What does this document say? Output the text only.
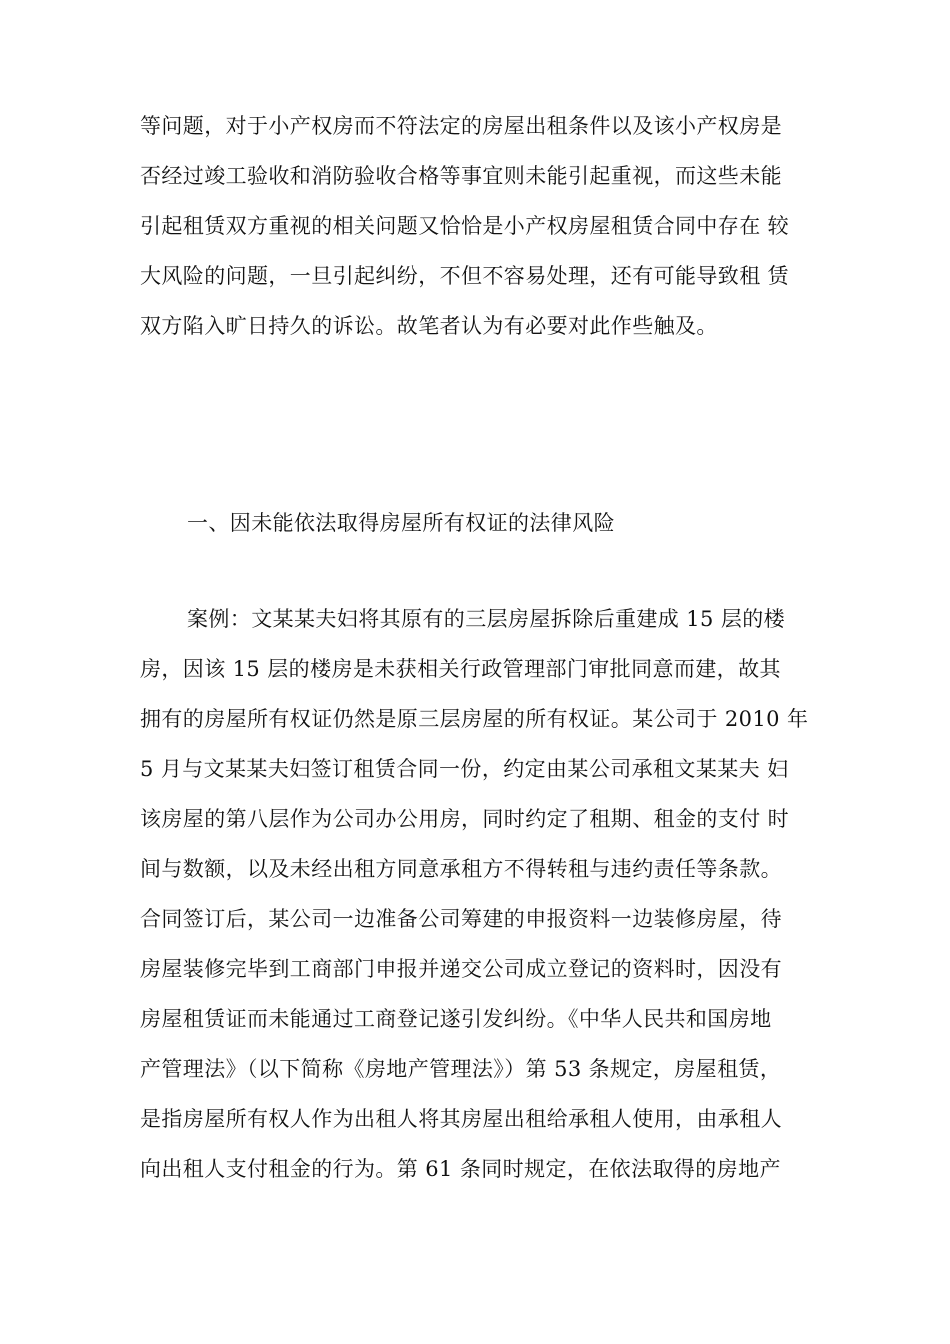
等问题，对于小产权房而不符法定的房屋出租条件以及该小产权房是
否经过竣工验收和消防验收合格等事宜则未能引起重视，而这些未能
引起租赁双方重视的相关问题又恰恰是小产权房屋租赁合同中存在 较
大风险的问题，一旦引起纠纷，不但不容易处理，还有可能导致租 赁
双方陷入旷日持久的诉讼。故笔者认为有必要对此作些触及。
一、因未能依法取得房屋所有权证的法律风险
案例：文某某夫妇将其原有的三层房屋拆除后重建成 15 层的楼
房，因该 15 层的楼房是未获相关行政管理部门审批同意而建，故其
拥有的房屋所有权证仍然是原三层房屋的所有权证。某公司于 2010 年
5 月与文某某夫妇签订租赁合同一份，约定由某公司承租文某某夫 妇
该房屋的第八层作为公司办公用房，同时约定了租期、租金的支付 时
间与数额，以及未经出租方同意承租方不得转租与违约责任等条款。
合同签订后，某公司一边准备公司筹建的申报资料一边装修房屋，待
房屋装修完毕到工商部门申报并递交公司成立登记的资料时，因没有
房屋租赁证而未能通过工商登记遂引发纠纷。《中华人民共和国房地
产管理法》（以下简称《房地产管理法》）第 53 条规定，房屋租赁，
是指房屋所有权人作为出租人将其房屋出租给承租人使用，由承租人
向出租人支付租金的行为。第 61 条同时规定，在依法取得的房地产
